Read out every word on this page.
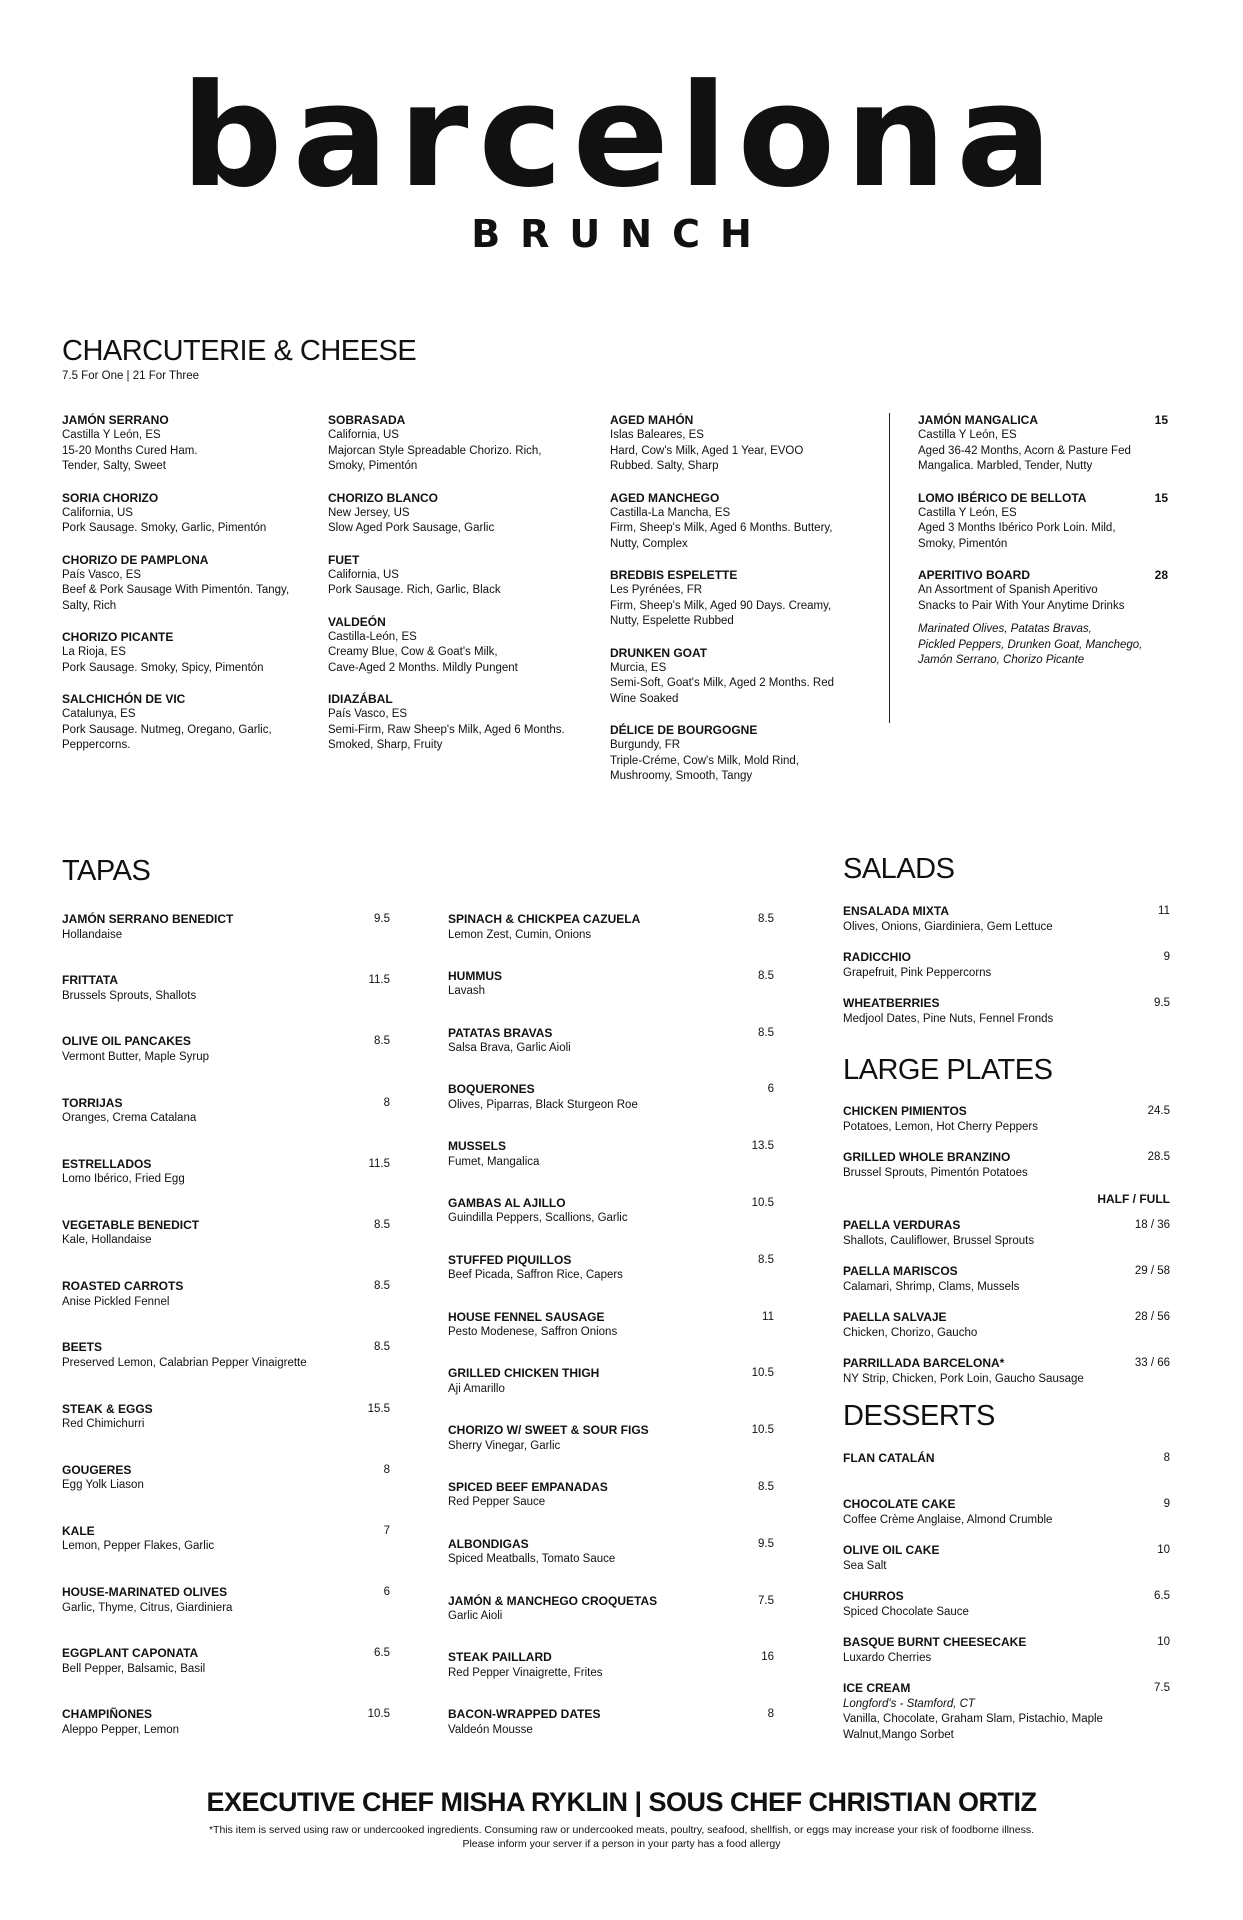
barcelona
BRUNCH
CHARCUTERIE & CHEESE
7.5 For One | 21 For Three
JAMÓN SERRANO
Castilla Y León, ES
15-20 Months Cured Ham.
Tender, Salty, Sweet
SORIA CHORIZO
California, US
Pork Sausage. Smoky, Garlic, Pimentón
CHORIZO DE PAMPLONA
País Vasco, ES
Beef & Pork Sausage With Pimentón. Tangy,
Salty, Rich
CHORIZO PICANTE
La Rioja, ES
Pork Sausage. Smoky, Spicy, Pimentón
SALCHICHÓN DE VIC
Catalunya, ES
Pork Sausage. Nutmeg, Oregano, Garlic,
Peppercorns.
SOBRASADA
California, US
Majorcan Style Spreadable Chorizo. Rich,
Smoky, Pimentón
CHORIZO BLANCO
New Jersey, US
Slow Aged Pork Sausage, Garlic
FUET
California, US
Pork Sausage. Rich, Garlic, Black
VALDEÓN
Castilla-León, ES
Creamy Blue, Cow & Goat's Milk,
Cave-Aged 2 Months. Mildly Pungent
IDIAZÁBAL
País Vasco, ES
Semi-Firm, Raw Sheep's Milk, Aged 6 Months.
Smoked, Sharp, Fruity
AGED MAHÓN
Islas Baleares, ES
Hard, Cow's Milk, Aged 1 Year, EVOO
Rubbed. Salty, Sharp
AGED MANCHEGO
Castilla-La Mancha, ES
Firm, Sheep's Milk, Aged 6 Months. Buttery,
Nutty, Complex
BREDBIS ESPELETTE
Les Pyrénées, FR
Firm, Sheep's Milk, Aged 90 Days. Creamy,
Nutty, Espelette Rubbed
DRUNKEN GOAT
Murcia, ES
Semi-Soft, Goat's Milk, Aged 2 Months. Red
Wine Soaked
DÉLICE DE BOURGOGNE
Burgundy, FR
Triple-Créme, Cow's Milk, Mold Rind,
Mushroomy, Smooth, Tangy
JAMÓN MANGALICA	15
Castilla Y León, ES
Aged 36-42 Months, Acorn & Pasture Fed
Mangalica. Marbled, Tender, Nutty
LOMO IBÉRICO DE BELLOTA	15
Castilla Y León, ES
Aged 3 Months Ibérico Pork Loin. Mild,
Smoky, Pimentón
APERITIVO BOARD	28
An Assortment of Spanish Aperitivo
Snacks to Pair With Your Anytime Drinks
Marinated Olives, Patatas Bravas,
Pickled Peppers, Drunken Goat, Manchego,
Jamón Serrano, Chorizo Picante
TAPAS
JAMÓN SERRANO BENEDICT	9.5
Hollandaise
FRITTATA	11.5
Brussels Sprouts, Shallots
OLIVE OIL PANCAKES	8.5
Vermont Butter, Maple Syrup
TORRIJAS	8
Oranges, Crema Catalana
ESTRELLADOS	11.5
Lomo Ibérico, Fried Egg
VEGETABLE BENEDICT	8.5
Kale, Hollandaise
ROASTED CARROTS	8.5
Anise Pickled Fennel
BEETS	8.5
Preserved Lemon, Calabrian Pepper Vinaigrette
STEAK & EGGS	15.5
Red Chimichurri
GOUGERES	8
Egg Yolk Liason
KALE	7
Lemon, Pepper Flakes, Garlic
HOUSE-MARINATED OLIVES	6
Garlic, Thyme, Citrus, Giardiniera
EGGPLANT CAPONATA	6.5
Bell Pepper, Balsamic, Basil
CHAMPIÑONES	10.5
Aleppo Pepper, Lemon
SPINACH & CHICKPEA CAZUELA	8.5
Lemon Zest, Cumin, Onions
HUMMUS	8.5
Lavash
PATATAS BRAVAS	8.5
Salsa Brava, Garlic Aioli
BOQUERONES	6
Olives, Piparras, Black Sturgeon Roe
MUSSELS	13.5
Fumet, Mangalica
GAMBAS AL AJILLO	10.5
Guindilla Peppers, Scallions, Garlic
STUFFED PIQUILLOS	8.5
Beef Picada, Saffron Rice, Capers
HOUSE FENNEL SAUSAGE	11
Pesto Modenese, Saffron Onions
GRILLED CHICKEN THIGH	10.5
Aji Amarillo
CHORIZO W/ SWEET & SOUR FIGS	10.5
Sherry Vinegar, Garlic
SPICED BEEF EMPANADAS	8.5
Red Pepper Sauce
ALBONDIGAS	9.5
Spiced Meatballs, Tomato Sauce
JAMÓN & MANCHEGO CROQUETAS	7.5
Garlic Aioli
STEAK PAILLARD	16
Red Pepper Vinaigrette, Frites
BACON-WRAPPED DATES	8
Valdeón Mousse
SALADS
ENSALADA MIXTA	11
Olives, Onions, Giardiniera, Gem Lettuce
RADICCHIO	9
Grapefruit, Pink Peppercorns
WHEATBERRIES	9.5
Medjool Dates, Pine Nuts, Fennel Fronds
LARGE PLATES
HALF / FULL
CHICKEN PIMIENTOS	24.5
Potatoes, Lemon, Hot Cherry Peppers
GRILLED WHOLE BRANZINO	28.5
Brussel Sprouts, Pimentón Potatoes
PAELLA VERDURAS	18 / 36
Shallots, Cauliflower, Brussel Sprouts
PAELLA MARISCOS	29 / 58
Calamari, Shrimp, Clams, Mussels
PAELLA SALVAJE	28 / 56
Chicken, Chorizo, Gaucho
PARRILLADA BARCELONA*	33 / 66
NY Strip, Chicken, Pork Loin, Gaucho Sausage
DESSERTS
FLAN CATALÁN	8
CHOCOLATE CAKE	9
Coffee Crème Anglaise, Almond Crumble
OLIVE OIL CAKE	10
Sea Salt
CHURROS	6.5
Spiced Chocolate Sauce
BASQUE BURNT CHEESECAKE	10
Luxardo Cherries
ICE CREAM	7.5
Longford's - Stamford, CT
Vanilla, Chocolate, Graham Slam, Pistachio, Maple
Walnut,Mango Sorbet
EXECUTIVE CHEF MISHA RYKLIN | SOUS CHEF CHRISTIAN ORTIZ
*This item is served using raw or undercooked ingredients. Consuming raw or undercooked meats, poultry, seafood, shellfish, or eggs may increase your risk of foodborne illness.
Please inform your server if a person in your party has a food allergy
